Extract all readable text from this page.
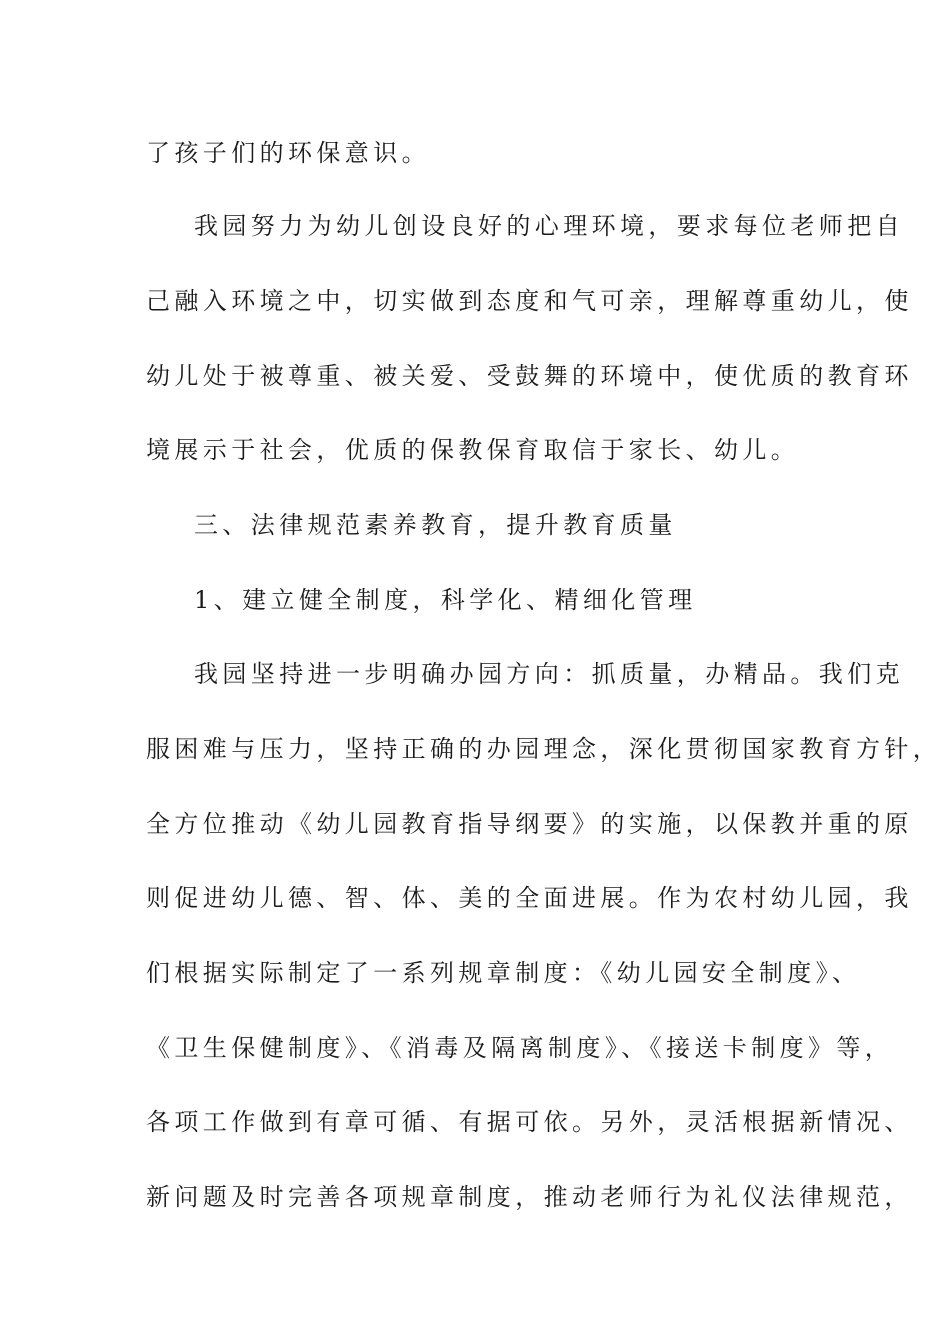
了孩子们的环保意识。
我园努力为幼儿创设良好的心理环境，要求每位老师把自
己融入环境之中，切实做到态度和气可亲，理解尊重幼儿，使
幼儿处于被尊重、被关爱、受鼓舞的环境中，使优质的教育环
境展示于社会，优质的保教保育取信于家长、幼儿。
三、法律规范素养教育，提升教育质量
1、建立健全制度，科学化、精细化管理
我园坚持进一步明确办园方向：抓质量，办精品。我们克
服困难与压力，坚持正确的办园理念，深化贯彻国家教育方针，
全方位推动《幼儿园教育指导纲要》的实施，以保教并重的原
则促进幼儿德、智、体、美的全面进展。作为农村幼儿园，我
们根据实际制定了一系列规章制度：《幼儿园安全制度》、
《卫生保健制度》、《消毒及隔离制度》、《接送卡制度》等，
各项工作做到有章可循、有据可依。另外，灵活根据新情况、
新问题及时完善各项规章制度，推动老师行为礼仪法律规范，
